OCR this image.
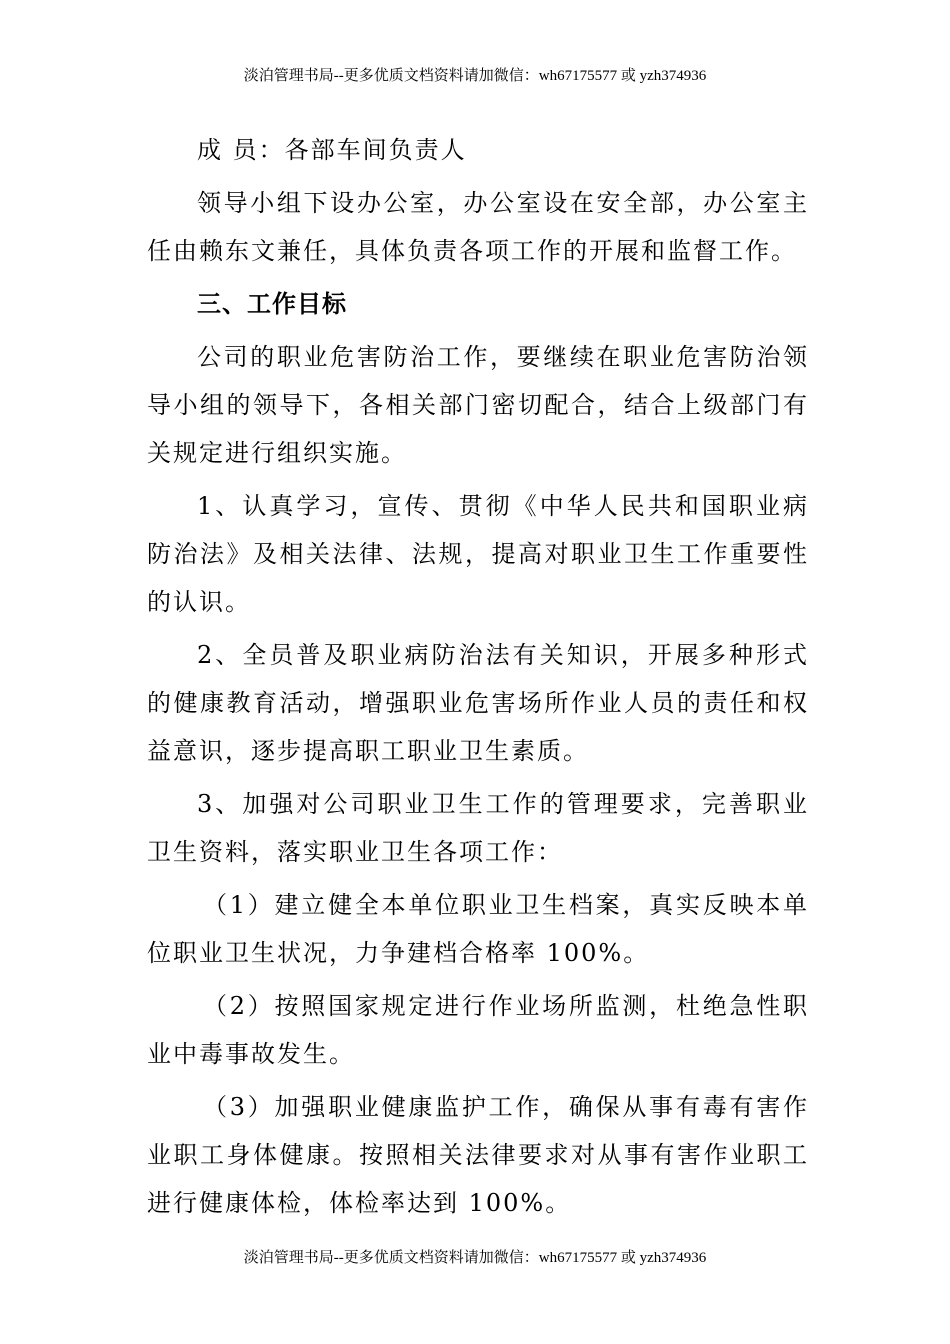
淡泊管理书局--更多优质文档资料请加微信：wh67175577 或 yzh374936

成 员：各部车间负责人

领导小组下设办公室，办公室设在安全部，办公室主任由赖东文兼任，具体负责各项工作的开展和监督工作。

三、工作目标

公司的职业危害防治工作，要继续在职业危害防治领导小组的领导下，各相关部门密切配合，结合上级部门有关规定进行组织实施。

1、认真学习，宣传、贯彻《中华人民共和国职业病防治法》及相关法律、法规，提高对职业卫生工作重要性的认识。

2、全员普及职业病防治法有关知识，开展多种形式的健康教育活动，增强职业危害场所作业人员的责任和权益意识，逐步提高职工职业卫生素质。

3、加强对公司职业卫生工作的管理要求，完善职业卫生资料，落实职业卫生各项工作：

（1）建立健全本单位职业卫生档案，真实反映本单位职业卫生状况，力争建档合格率 100%。

（2）按照国家规定进行作业场所监测，杜绝急性职业中毒事故发生。

（3）加强职业健康监护工作，确保从事有毒有害作业职工身体健康。按照相关法律要求对从事有害作业职工进行健康体检，体检率达到 100%。

淡泊管理书局--更多优质文档资料请加微信：wh67175577 或 yzh374936
